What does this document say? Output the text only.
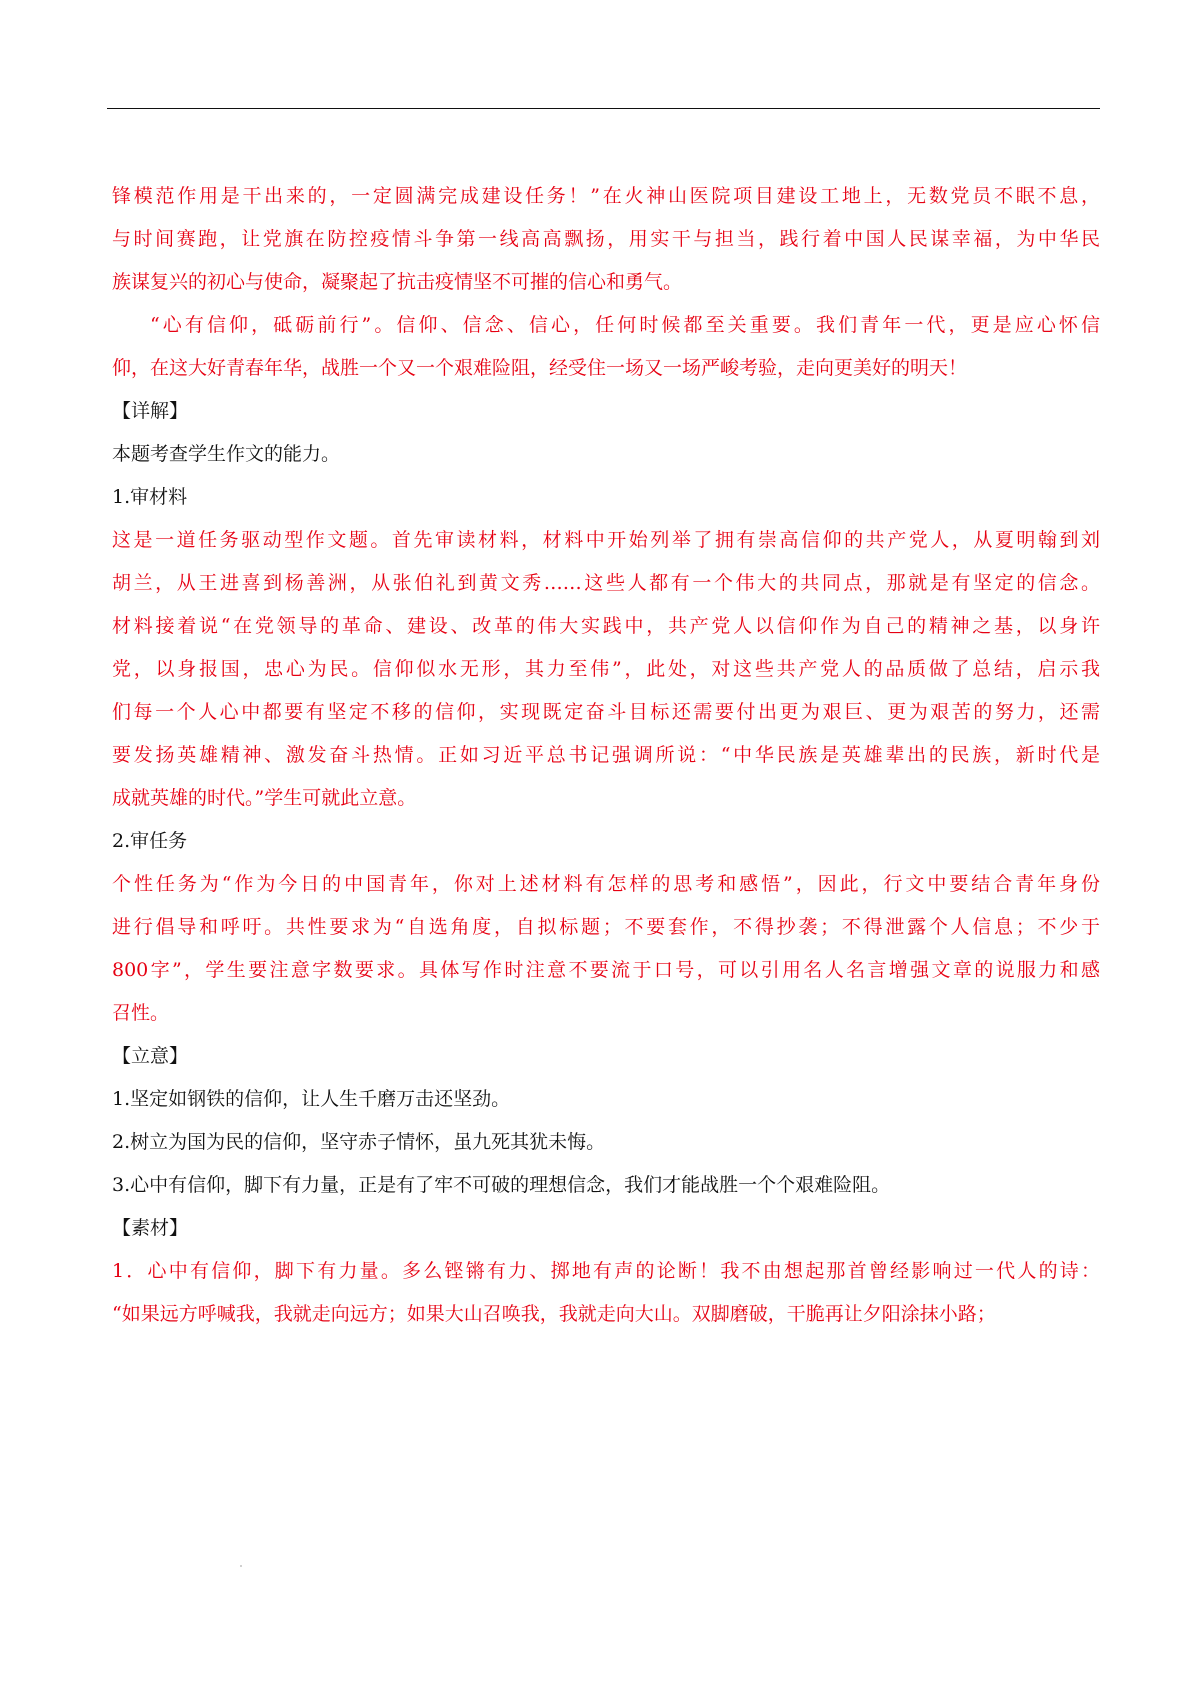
锋模范作用是干出来的，一定圆满完成建设任务！”在火神山医院项目建设工地上，无数党员不眠不息，
与时间赛跑，让党旗在防控疫情斗争第一线高高飘扬，用实干与担当，践行着中国人民谋幸福，为中华民
族谋复兴的初心与使命，凝聚起了抗击疫情坚不可摧的信心和勇气。
“心有信仰，砥砺前行”。信仰、信念、信心，任何时候都至关重要。我们青年一代，更是应心怀信
仰，在这大好青春年华，战胜一个又一个艰难险阻，经受住一场又一场严峻考验，走向更美好的明天！
【详解】
本题考查学生作文的能力。
1.审材料
这是一道任务驱动型作文题。首先审读材料，材料中开始列举了拥有崇高信仰的共产党人，从夏明翰到刘
胡兰，从王进喜到杨善洲，从张伯礼到黄文秀……这些人都有一个伟大的共同点，那就是有坚定的信念。
材料接着说“在党领导的革命、建设、改革的伟大实践中，共产党人以信仰作为自己的精神之基，以身许
党，以身报国，忠心为民。信仰似水无形，其力至伟”，此处，对这些共产党人的品质做了总结，启示我
们每一个人心中都要有坚定不移的信仰，实现既定奋斗目标还需要付出更为艰巨、更为艰苦的努力，还需
要发扬英雄精神、激发奋斗热情。正如习近平总书记强调所说：“中华民族是英雄辈出的民族，新时代是
成就英雄的时代。”学生可就此立意。
2.审任务
个性任务为“作为今日的中国青年，你对上述材料有怎样的思考和感悟”，因此，行文中要结合青年身份
进行倡导和呼吁。共性要求为“自选角度，自拟标题；不要套作，不得抄袭；不得泄露个人信息；不少于
800字”，学生要注意字数要求。具体写作时注意不要流于口号，可以引用名人名言增强文章的说服力和感
召性。
【立意】
1.坚定如钢铁的信仰，让人生千磨万击还坚劲。
2.树立为国为民的信仰，坚守赤子情怀，虽九死其犹未悔。
3.心中有信仰，脚下有力量，正是有了牢不可破的理想信念，我们才能战胜一个个艰难险阻。
【素材】
1．心中有信仰，脚下有力量。多么铿锵有力、掷地有声的论断！我不由想起那首曾经影响过一代人的诗：
“如果远方呼喊我，我就走向远方；如果大山召唤我，我就走向大山。双脚磨破，干脆再让夕阳涂抹小路；
